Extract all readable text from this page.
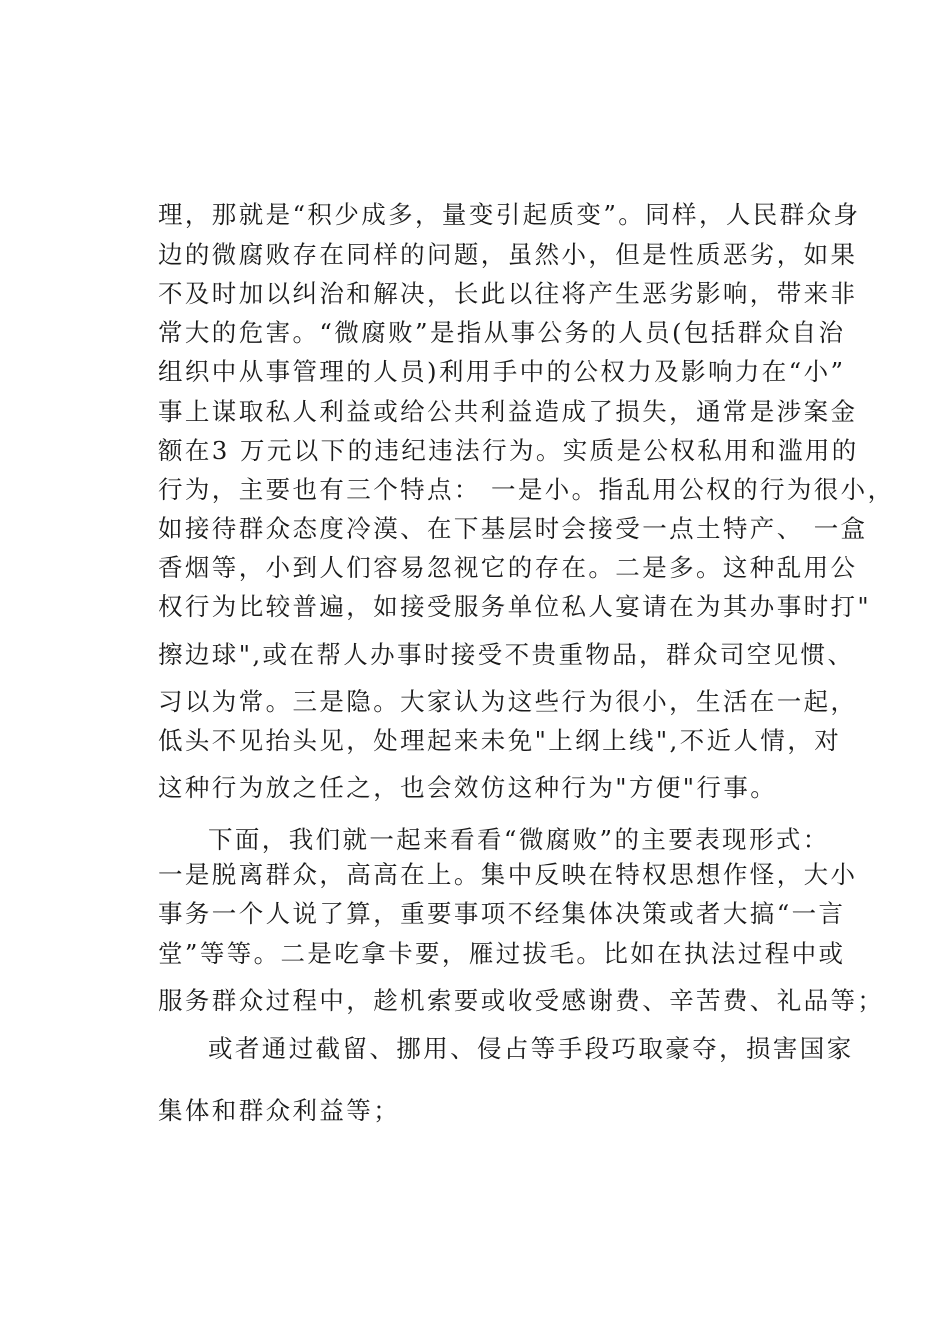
理，那就是“积少成多，量变引起质变”。同样，人民群众身
边的微腐败存在同样的问题，虽然小，但是性质恶劣，如果
不及时加以纠治和解决，长此以往将产生恶劣影响，带来非
常大的危害。“微腐败”是指从事公务的人员(包括群众自治
组织中从事管理的人员)利用手中的公权力及影响力在“小”
事上谋取私人利益或给公共利益造成了损失，通常是涉案金
额在3 万元以下的违纪违法行为。实质是公权私用和滥用的
行为，主要也有三个特点： 一是小。指乱用公权的行为很小，
如接待群众态度冷漠、在下基层时会接受一点土特产、 一盒
香烟等，小到人们容易忽视它的存在。二是多。这种乱用公
权行为比较普遍，如接受服务单位私人宴请在为其办事时打"
擦边球",或在帮人办事时接受不贵重物品，群众司空见惯、
习以为常。三是隐。大家认为这些行为很小，生活在一起，
低头不见抬头见，处理起来未免"上纲上线",不近人情，对
这种行为放之任之，也会效仿这种行为"方便"行事。
下面，我们就一起来看看“微腐败”的主要表现形式：
一是脱离群众，高高在上。集中反映在特权思想作怪，大小
事务一个人说了算，重要事项不经集体决策或者大搞“一言
堂”等等。二是吃拿卡要，雁过拔毛。比如在执法过程中或
服务群众过程中，趁机索要或收受感谢费、辛苦费、礼品等；
或者通过截留、挪用、侵占等手段巧取豪夺，损害国家
集体和群众利益等；
